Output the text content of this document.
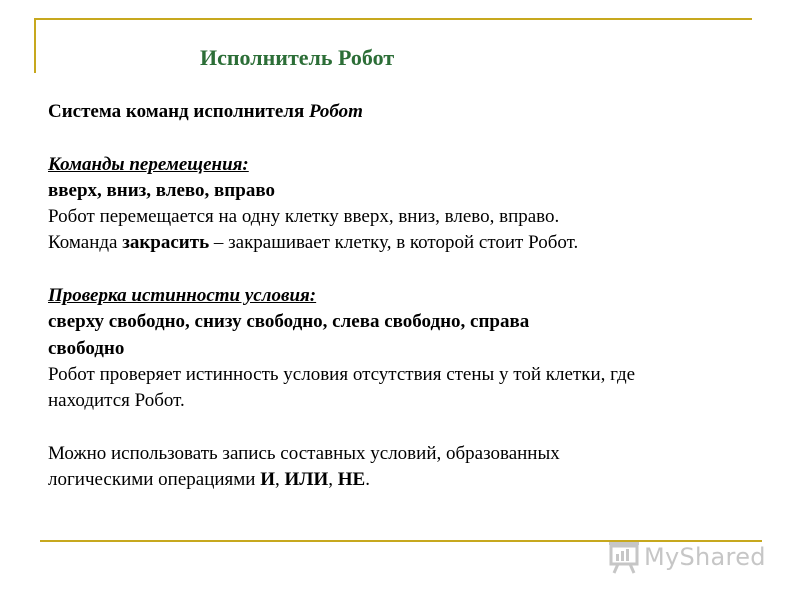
Исполнитель Робот
Система команд исполнителя Робот
Команды перемещения:
вверх, вниз, влево, вправо
Робот перемещается на одну клетку вверх, вниз, влево, вправо.
Команда закрасить – закрашивает клетку, в которой стоит Робот.
Проверка истинности условия:
сверху свободно, снизу свободно, слева свободно, справа
свободно
Робот проверяет истинность условия отсутствия стены у той клетки, где
находится Робот.
Можно использовать запись составных условий, образованных
логическими операциями И, ИЛИ, НЕ.
MyShared
